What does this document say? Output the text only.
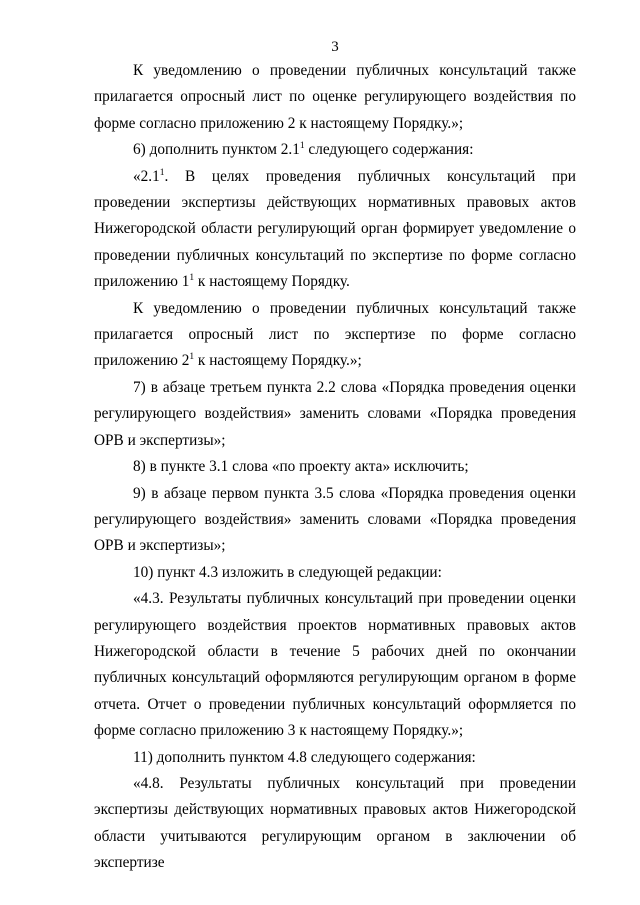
3

К уведомлению о проведении публичных консультаций также прилагается опросный лист по оценке регулирующего воздействия по форме согласно приложению 2 к настоящему Порядку.»;

6) дополнить пунктом $2.1^1$ следующего содержания:

«$2.1^1$. В целях проведения публичных консультаций при проведении экспертизы действующих нормативных правовых актов Нижегородской области регулирующий орган формирует уведомление о проведении публичных консультаций по экспертизе по форме согласно приложению $1^1$ к настоящему Порядку.

К уведомлению о проведении публичных консультаций также прилагается опросный лист по экспертизе по форме согласно приложению $2^1$ к настоящему Порядку.»;

7) в абзаце третьем пункта 2.2 слова «Порядка проведения оценки регулирующего воздействия» заменить словами «Порядка проведения ОРВ и экспертизы»;

8) в пункте 3.1 слова «по проекту акта» исключить;

9) в абзаце первом пункта 3.5 слова «Порядка проведения оценки регулирующего воздействия» заменить словами «Порядка проведения ОРВ и экспертизы»;

10) пункт 4.3 изложить в следующей редакции:

«4.3. Результаты публичных консультаций при проведении оценки регулирующего воздействия проектов нормативных правовых актов Нижегородской области в течение 5 рабочих дней по окончании публичных консультаций оформляются регулирующим органом в форме отчета. Отчет о проведении публичных консультаций оформляется по форме согласно приложению 3 к настоящему Порядку.»;

11) дополнить пунктом 4.8 следующего содержания:

«4.8. Результаты публичных консультаций при проведении экспертизы действующих нормативных правовых актов Нижегородской области учитываются регулирующим органом в заключении об экспертизе
